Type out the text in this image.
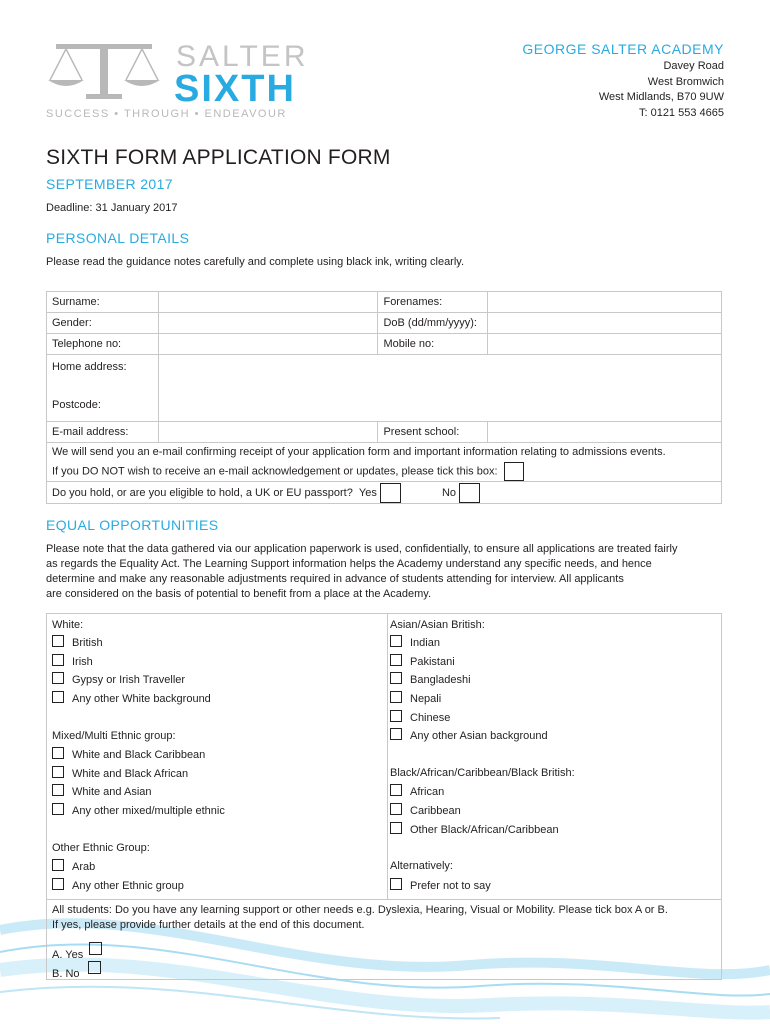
SALTER
SIXTH
SUCCESS • THROUGH • ENDEAVOUR
GEORGE SALTER ACADEMY
Davey Road
West Bromwich
West Midlands, B70 9UW
T: 0121 553 4665
SIXTH FORM APPLICATION FORM
SEPTEMBER 2017
Deadline: 31 January 2017
PERSONAL DETAILS
Please read the guidance notes carefully and complete using black ink, writing clearly.
Surname:		Forenames:	
Gender:		DoB (dd/mm/yyyy):	
Telephone no:		Mobile no:	

Home address:
Postcode:			

E-mail address:		Present school:	

We will send you an e-mail confirming receipt of your application form and important information relating to admissions events.
If you DO NOT wish to receive an e-mail acknowledgement or updates, please tick this box:			

Do you hold, or are you eligible to hold, a UK or EU passport? Yes No			
EQUAL OPPORTUNITIES
Please note that the data gathered via our application paperwork is used, confidentially, to ensure all applications are treated fairly
as regards the Equality Act. The Learning Support information helps the Academy understand any specific needs, and hence
determine and make any reasonable adjustments required in advance of students attending for interview. All applicants
are considered on the basis of potential to benefit from a place at the Academy.
White:
British
Irish
Gypsy or Irish Traveller
Any other White background
Mixed/Multi Ethnic group:
White and Black Caribbean
White and Black African
White and Asian
Any other mixed/multiple ethnic
Other Ethnic Group:
Arab
Any other Ethnic group
Asian/Asian British:
Indian
Pakistani
Bangladeshi
Nepali
Chinese
Any other Asian background
Black/African/Caribbean/Black British:
African
Caribbean
Other Black/African/Caribbean
Alternatively:
Prefer not to say
All students: Do you have any learning support or other needs e.g. Dyslexia, Hearing, Visual or Mobility. Please tick box A or B.
If yes, please provide further details at the end of this document.
A. Yes
B. No
